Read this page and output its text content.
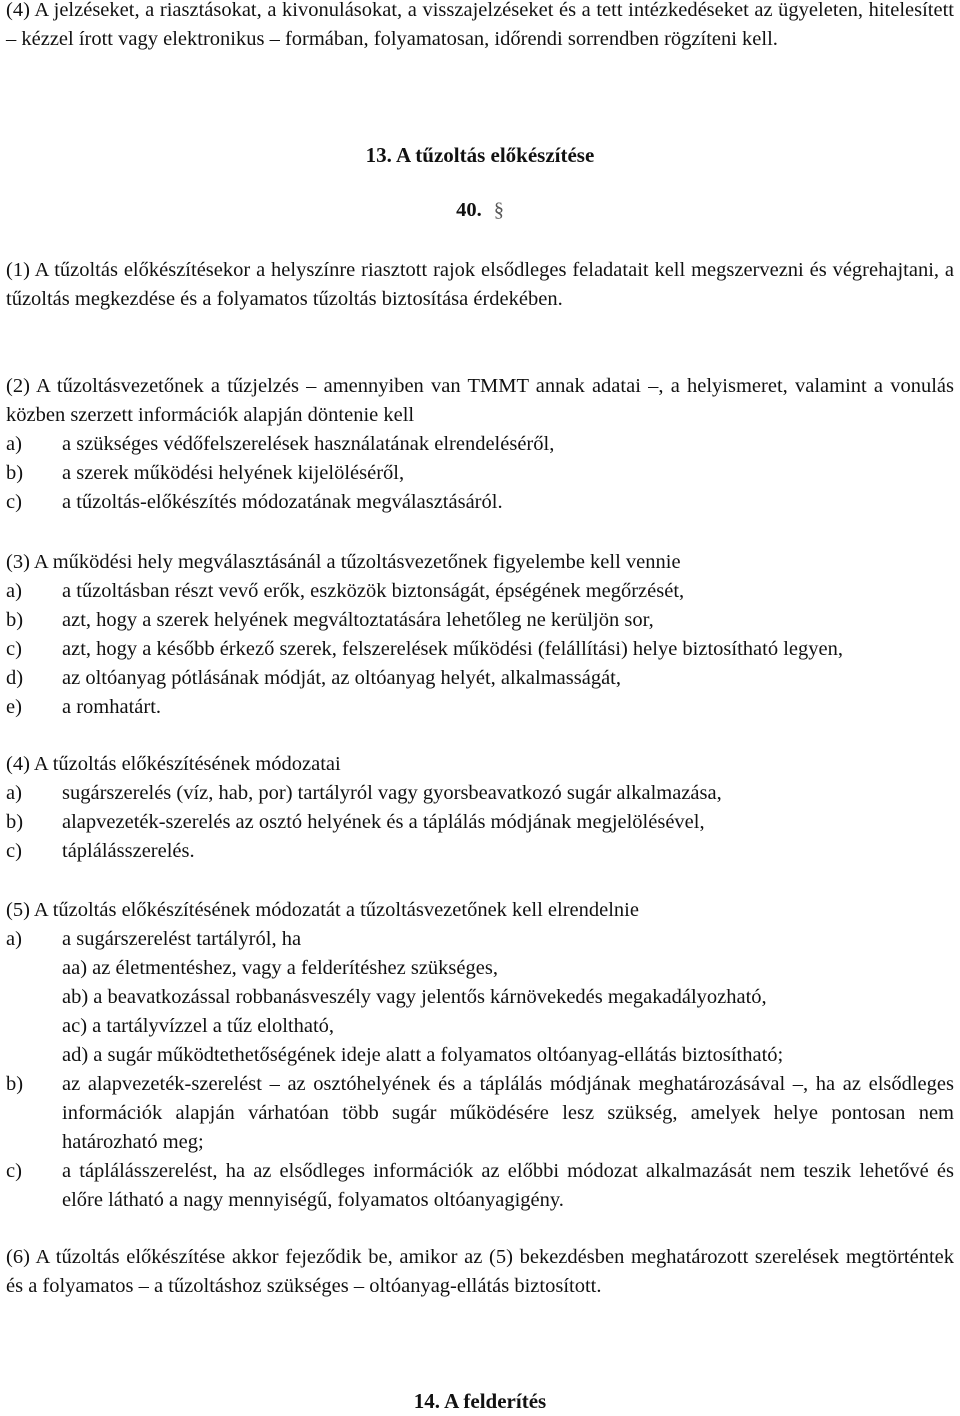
(4) A jelzéseket, a riasztásokat, a kivonulásokat, a visszajelzéseket és a tett intézkedéseket az ügyeleten, hitelesített – kézzel írott vagy elektronikus – formában, folyamatosan, időrendi sorrendben rögzíteni kell.

13. A tűzoltás előkészítése

40. §

(1) A tűzoltás előkészítésekor a helyszínre riasztott rajok elsődleges feladatait kell megszervezni és végrehajtani, a tűzoltás megkezdése és a folyamatos tűzoltás biztosítása érdekében.

(2) A tűzoltásvezetőnek a tűzjelzés – amennyiben van TMMT annak adatai –, a helyismeret, valamint a vonulás közben szerzett információk alapján döntenie kell

a)	a szükséges védőfelszerelések használatának elrendeléséről,
b)	a szerek működési helyének kijelöléséről,
c)	a tűzoltás-előkészítés módozatának megválasztásáról.

(3) A működési hely megválasztásánál a tűzoltásvezetőnek figyelembe kell vennie

a)	a tűzoltásban részt vevő erők, eszközök biztonságát, épségének megőrzését,
b)	azt, hogy a szerek helyének megváltoztatására lehetőleg ne kerüljön sor,
c)	azt, hogy a később érkező szerek, felszerelések működési (felállítási) helye biztosítható legyen,
d)	az oltóanyag pótlásának módját, az oltóanyag helyét, alkalmasságát,
e)	a romhatárt.

(4) A tűzoltás előkészítésének módozatai

a)	sugárszerelés (víz, hab, por) tartályról vagy gyorsbeavatkozó sugár alkalmazása,
b)	alapvezeték-szerelés az osztó helyének és a táplálás módjának megjelölésével,
c)	táplálásszerelés.

(5) A tűzoltás előkészítésének módozatát a tűzoltásvezetőnek kell elrendelnie

a)	a sugárszerelést tartályról, ha

aa) az életmentéshez, vagy a felderítéshez szükséges,

ab) a beavatkozással robbanásveszély vagy jelentős kárnövekedés megakadályozható,

ac) a tartályvízzel a tűz eloltható,

ad) a sugár működtethetőségének ideje alatt a folyamatos oltóanyag-ellátás biztosítható;

b)	az alapvezeték-szerelést – az osztóhelyének és a táplálás módjának meghatározásával –, ha az elsődleges információk alapján várhatóan több sugár működésére lesz szükség, amelyek helye pontosan nem határozható meg;
c)	a táplálásszerelést, ha az elsődleges információk az előbbi módozat alkalmazását nem teszik lehetővé és előre látható a nagy mennyiségű, folyamatos oltóanyagigény.

(6) A tűzoltás előkészítése akkor fejeződik be, amikor az (5) bekezdésben meghatározott szerelések megtörténtek és a folyamatos – a tűzoltáshoz szükséges – oltóanyag-ellátás biztosított.

14. A felderítés
